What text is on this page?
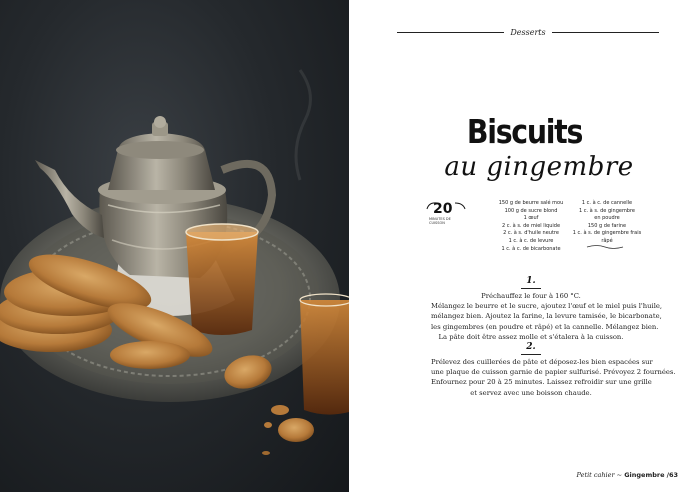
Desserts
Biscuits
au gingembre
20
MINUTES DE
CUISSON
150 g de beurre salé mou
100 g de sucre blond
1 œuf
2 c. à s. de miel liquide
2 c. à s. d'huile neutre
1 c. à c. de levure
1 c. à c. de bicarbonate
1 c. à c. de cannelle
1 c. à s. de gingembre
en poudre
150 g de farine
1 c. à s. de gingembre frais
râpé
1.

Préchauffez le four à 160 °C.

Mélangez le beurre et le sucre, ajoutez l'œuf et le miel puis l'huile,

mélangez bien. Ajoutez la farine, la levure tamisée, le bicarbonate,

les gingembres (en poudre et râpé) et la cannelle. Mélangez bien.

La pâte doit être assez molle et s'étalera à la cuisson.

2.

Prélevez des cuillerées de pâte et déposez-les bien espacées sur

une plaque de cuisson garnie de papier sulfurisé. Prévoyez 2 fournées.

Enfournez pour 20 à 25 minutes. Laissez refroidir sur une grille

et servez avec une boisson chaude.

Petit cahier ~ Gingembre /63
